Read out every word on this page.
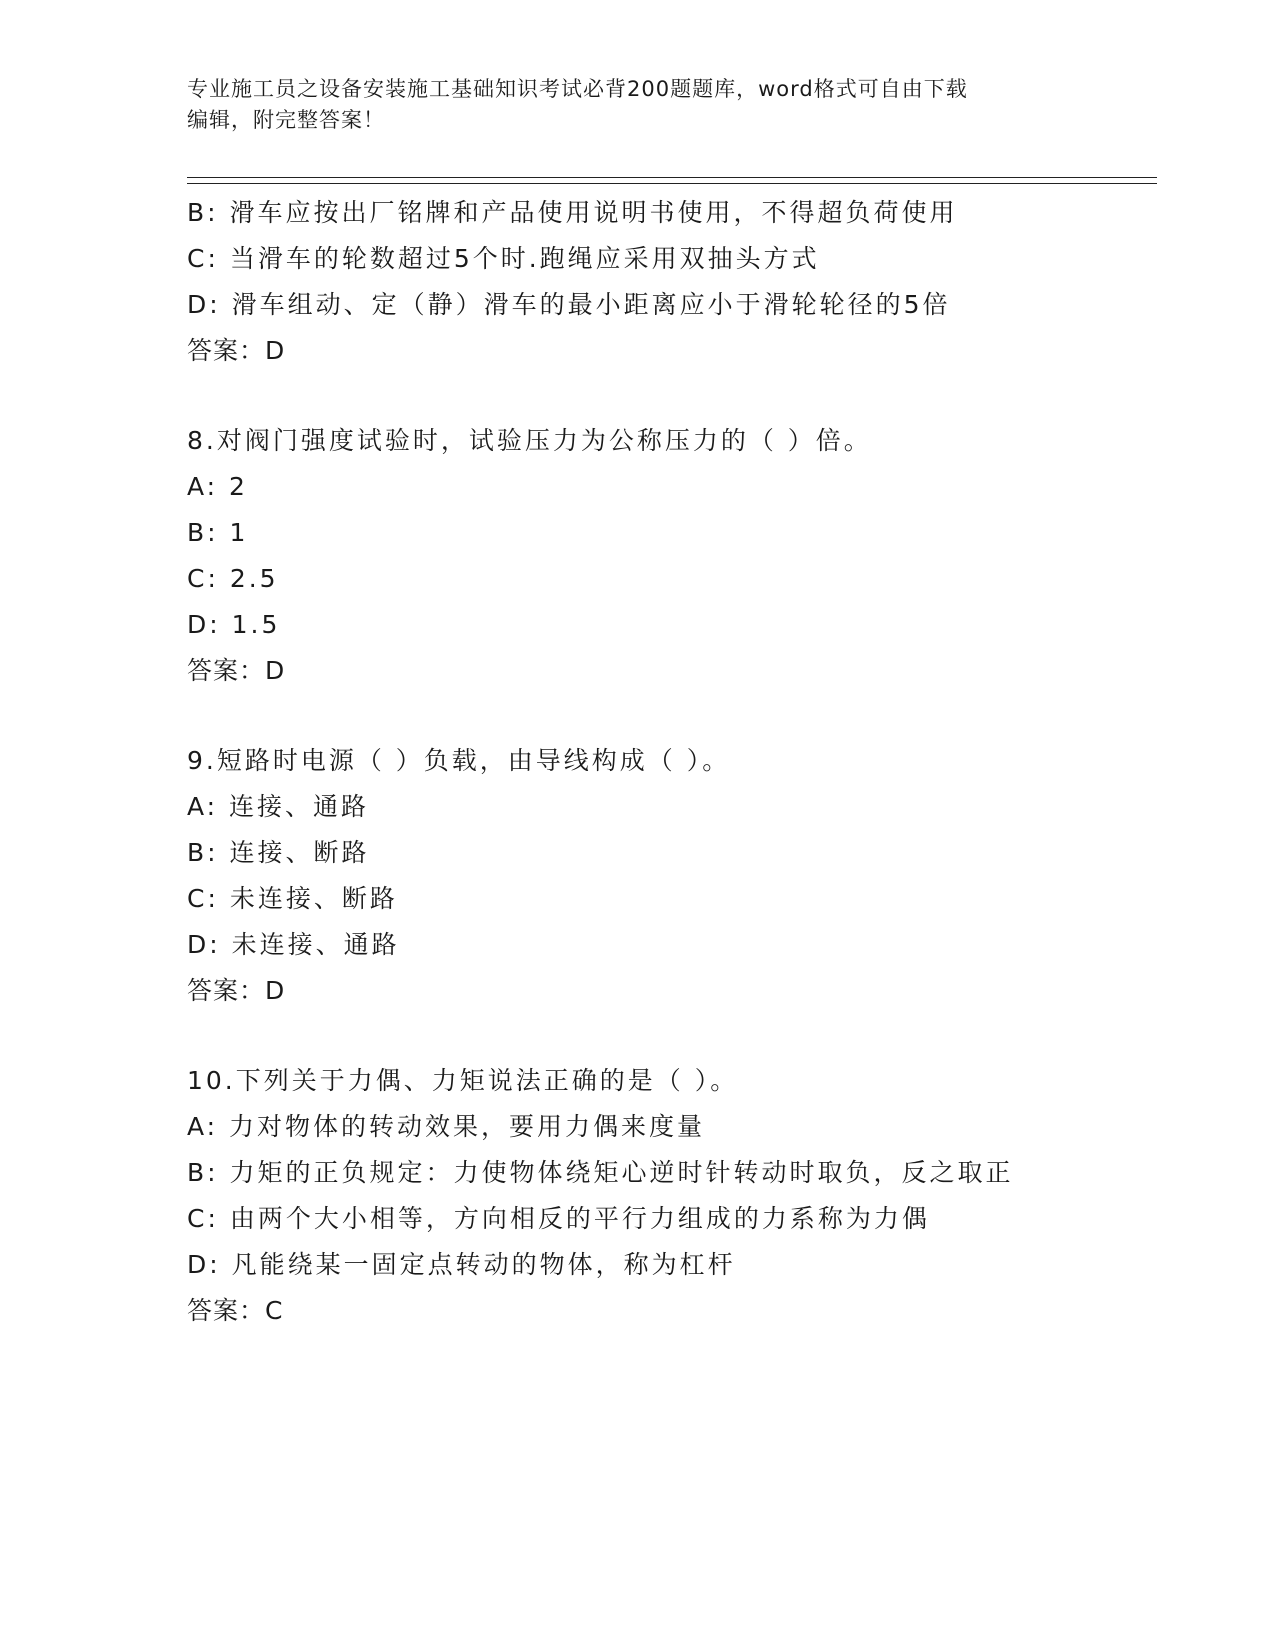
专业施工员之设备安装施工基础知识考试必背200题题库，word格式可自由下载
编辑，附完整答案！
B: 滑车应按出厂铭牌和产品使用说明书使用，不得超负荷使用
C: 当滑车的轮数超过5个时.跑绳应采用双抽头方式
D: 滑车组动、定（静）滑车的最小距离应小于滑轮轮径的5倍
答案：D
8.对阀门强度试验时，试验压力为公称压力的（ ）倍。
A: 2
B: 1
C: 2.5
D: 1.5
答案：D
9.短路时电源（ ）负载，由导线构成（ ）。
A: 连接、通路
B: 连接、断路
C: 未连接、断路
D: 未连接、通路
答案：D
10.下列关于力偶、力矩说法正确的是（ ）。
A: 力对物体的转动效果，要用力偶来度量
B: 力矩的正负规定：力使物体绕矩心逆时针转动时取负，反之取正
C: 由两个大小相等，方向相反的平行力组成的力系称为力偶
D: 凡能绕某一固定点转动的物体，称为杠杆
答案：C
